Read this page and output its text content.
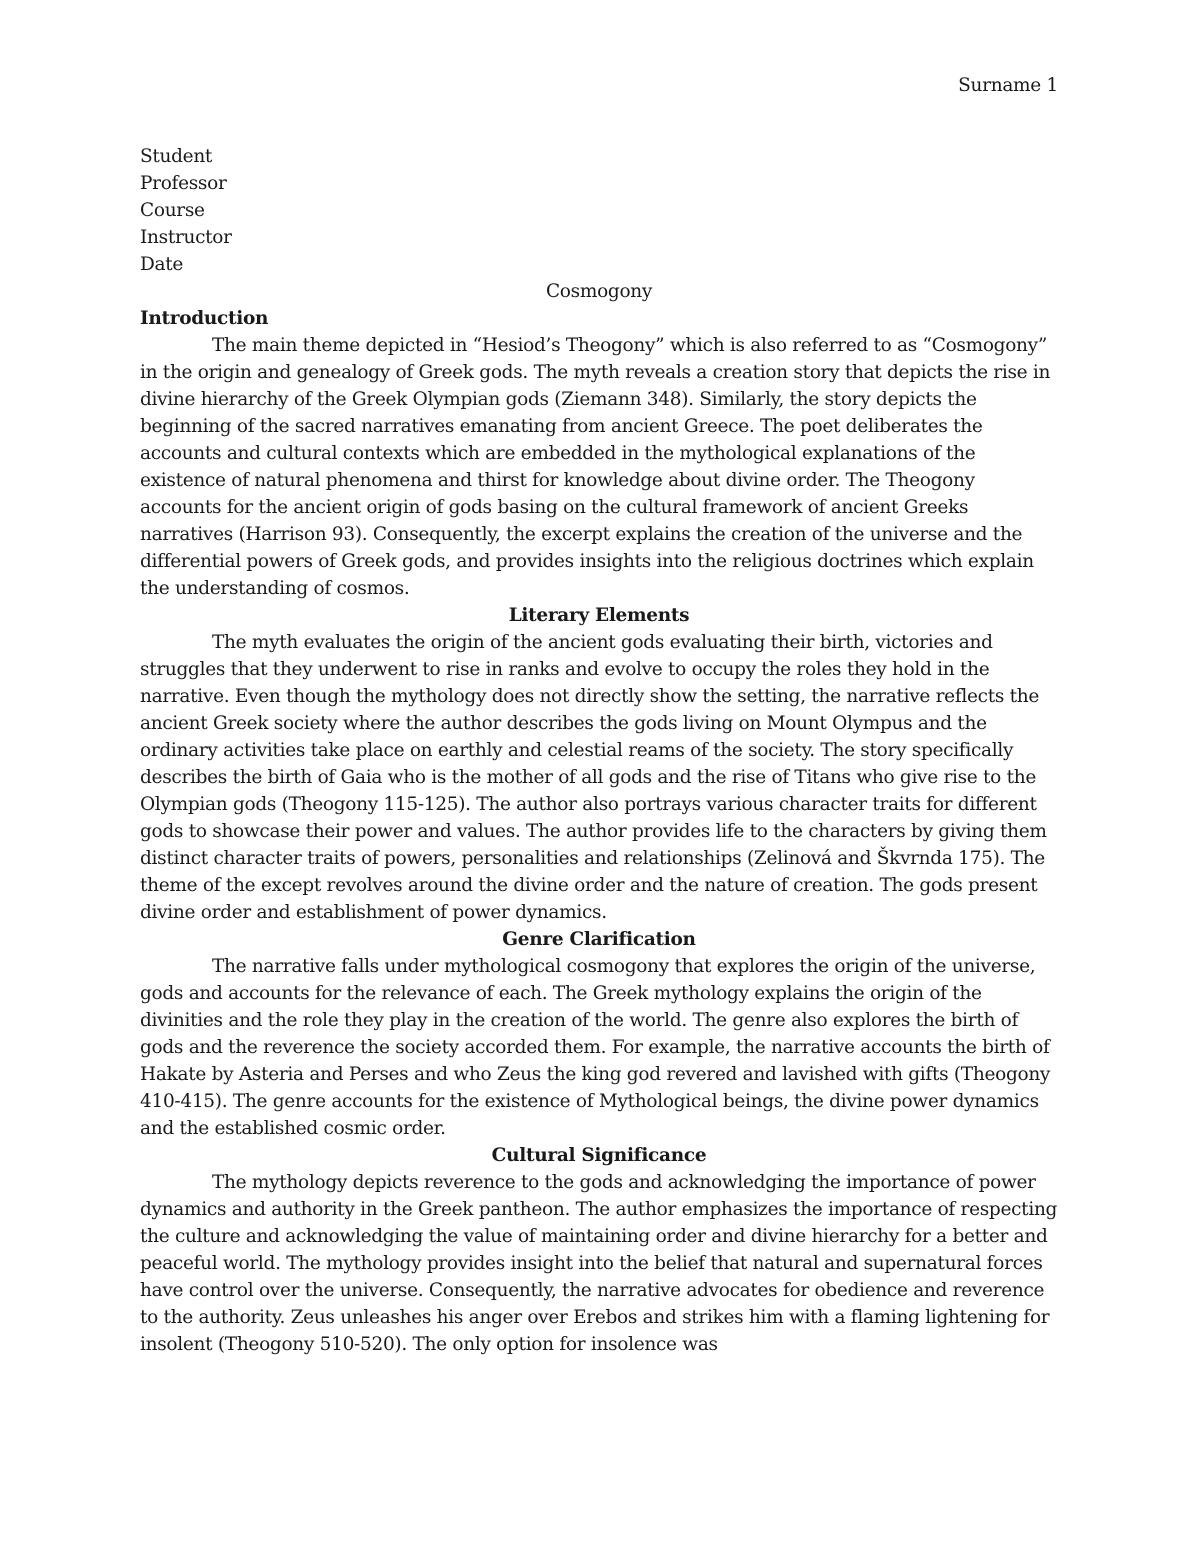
Surname 1

Student

Professor

Course

Instructor

Date

Cosmogony

Introduction

The main theme depicted in “Hesiod’s Theogony” which is also referred to as “Cosmogony” in the origin and genealogy of Greek gods. The myth reveals a creation story that depicts the rise in divine hierarchy of the Greek Olympian gods (Ziemann 348). Similarly, the story depicts the beginning of the sacred narratives emanating from ancient Greece. The poet deliberates the accounts and cultural contexts which are embedded in the mythological explanations of the existence of natural phenomena and thirst for knowledge about divine order. The Theogony accounts for the ancient origin of gods basing on the cultural framework of ancient Greeks narratives (Harrison 93). Consequently, the excerpt explains the creation of the universe and the differential powers of Greek gods, and provides insights into the religious doctrines which explain the understanding of cosmos.

Literary Elements

The myth evaluates the origin of the ancient gods evaluating their birth, victories and struggles that they underwent to rise in ranks and evolve to occupy the roles they hold in the narrative. Even though the mythology does not directly show the setting, the narrative reflects the ancient Greek society where the author describes the gods living on Mount Olympus and the ordinary activities take place on earthly and celestial reams of the society. The story specifically describes the birth of Gaia who is the mother of all gods and the rise of Titans who give rise to the Olympian gods (Theogony 115-125). The author also portrays various character traits for different gods to showcase their power and values. The author provides life to the characters by giving them distinct character traits of powers, personalities and relationships (Zelinová and Škvrnda 175). The theme of the except revolves around the divine order and the nature of creation. The gods present divine order and establishment of power dynamics.

Genre Clarification

The narrative falls under mythological cosmogony that explores the origin of the universe, gods and accounts for the relevance of each. The Greek mythology explains the origin of the divinities and the role they play in the creation of the world. The genre also explores the birth of gods and the reverence the society accorded them. For example, the narrative accounts the birth of Hakate by Asteria and Perses and who Zeus the king god revered and lavished with gifts (Theogony 410-415). The genre accounts for the existence of Mythological beings, the divine power dynamics and the established cosmic order.

Cultural Significance

The mythology depicts reverence to the gods and acknowledging the importance of power dynamics and authority in the Greek pantheon. The author emphasizes the importance of respecting the culture and acknowledging the value of maintaining order and divine hierarchy for a better and peaceful world. The mythology provides insight into the belief that natural and supernatural forces have control over the universe. Consequently, the narrative advocates for obedience and reverence to the authority. Zeus unleashes his anger over Erebos and strikes him with a flaming lightening for insolent (Theogony 510-520). The only option for insolence was
